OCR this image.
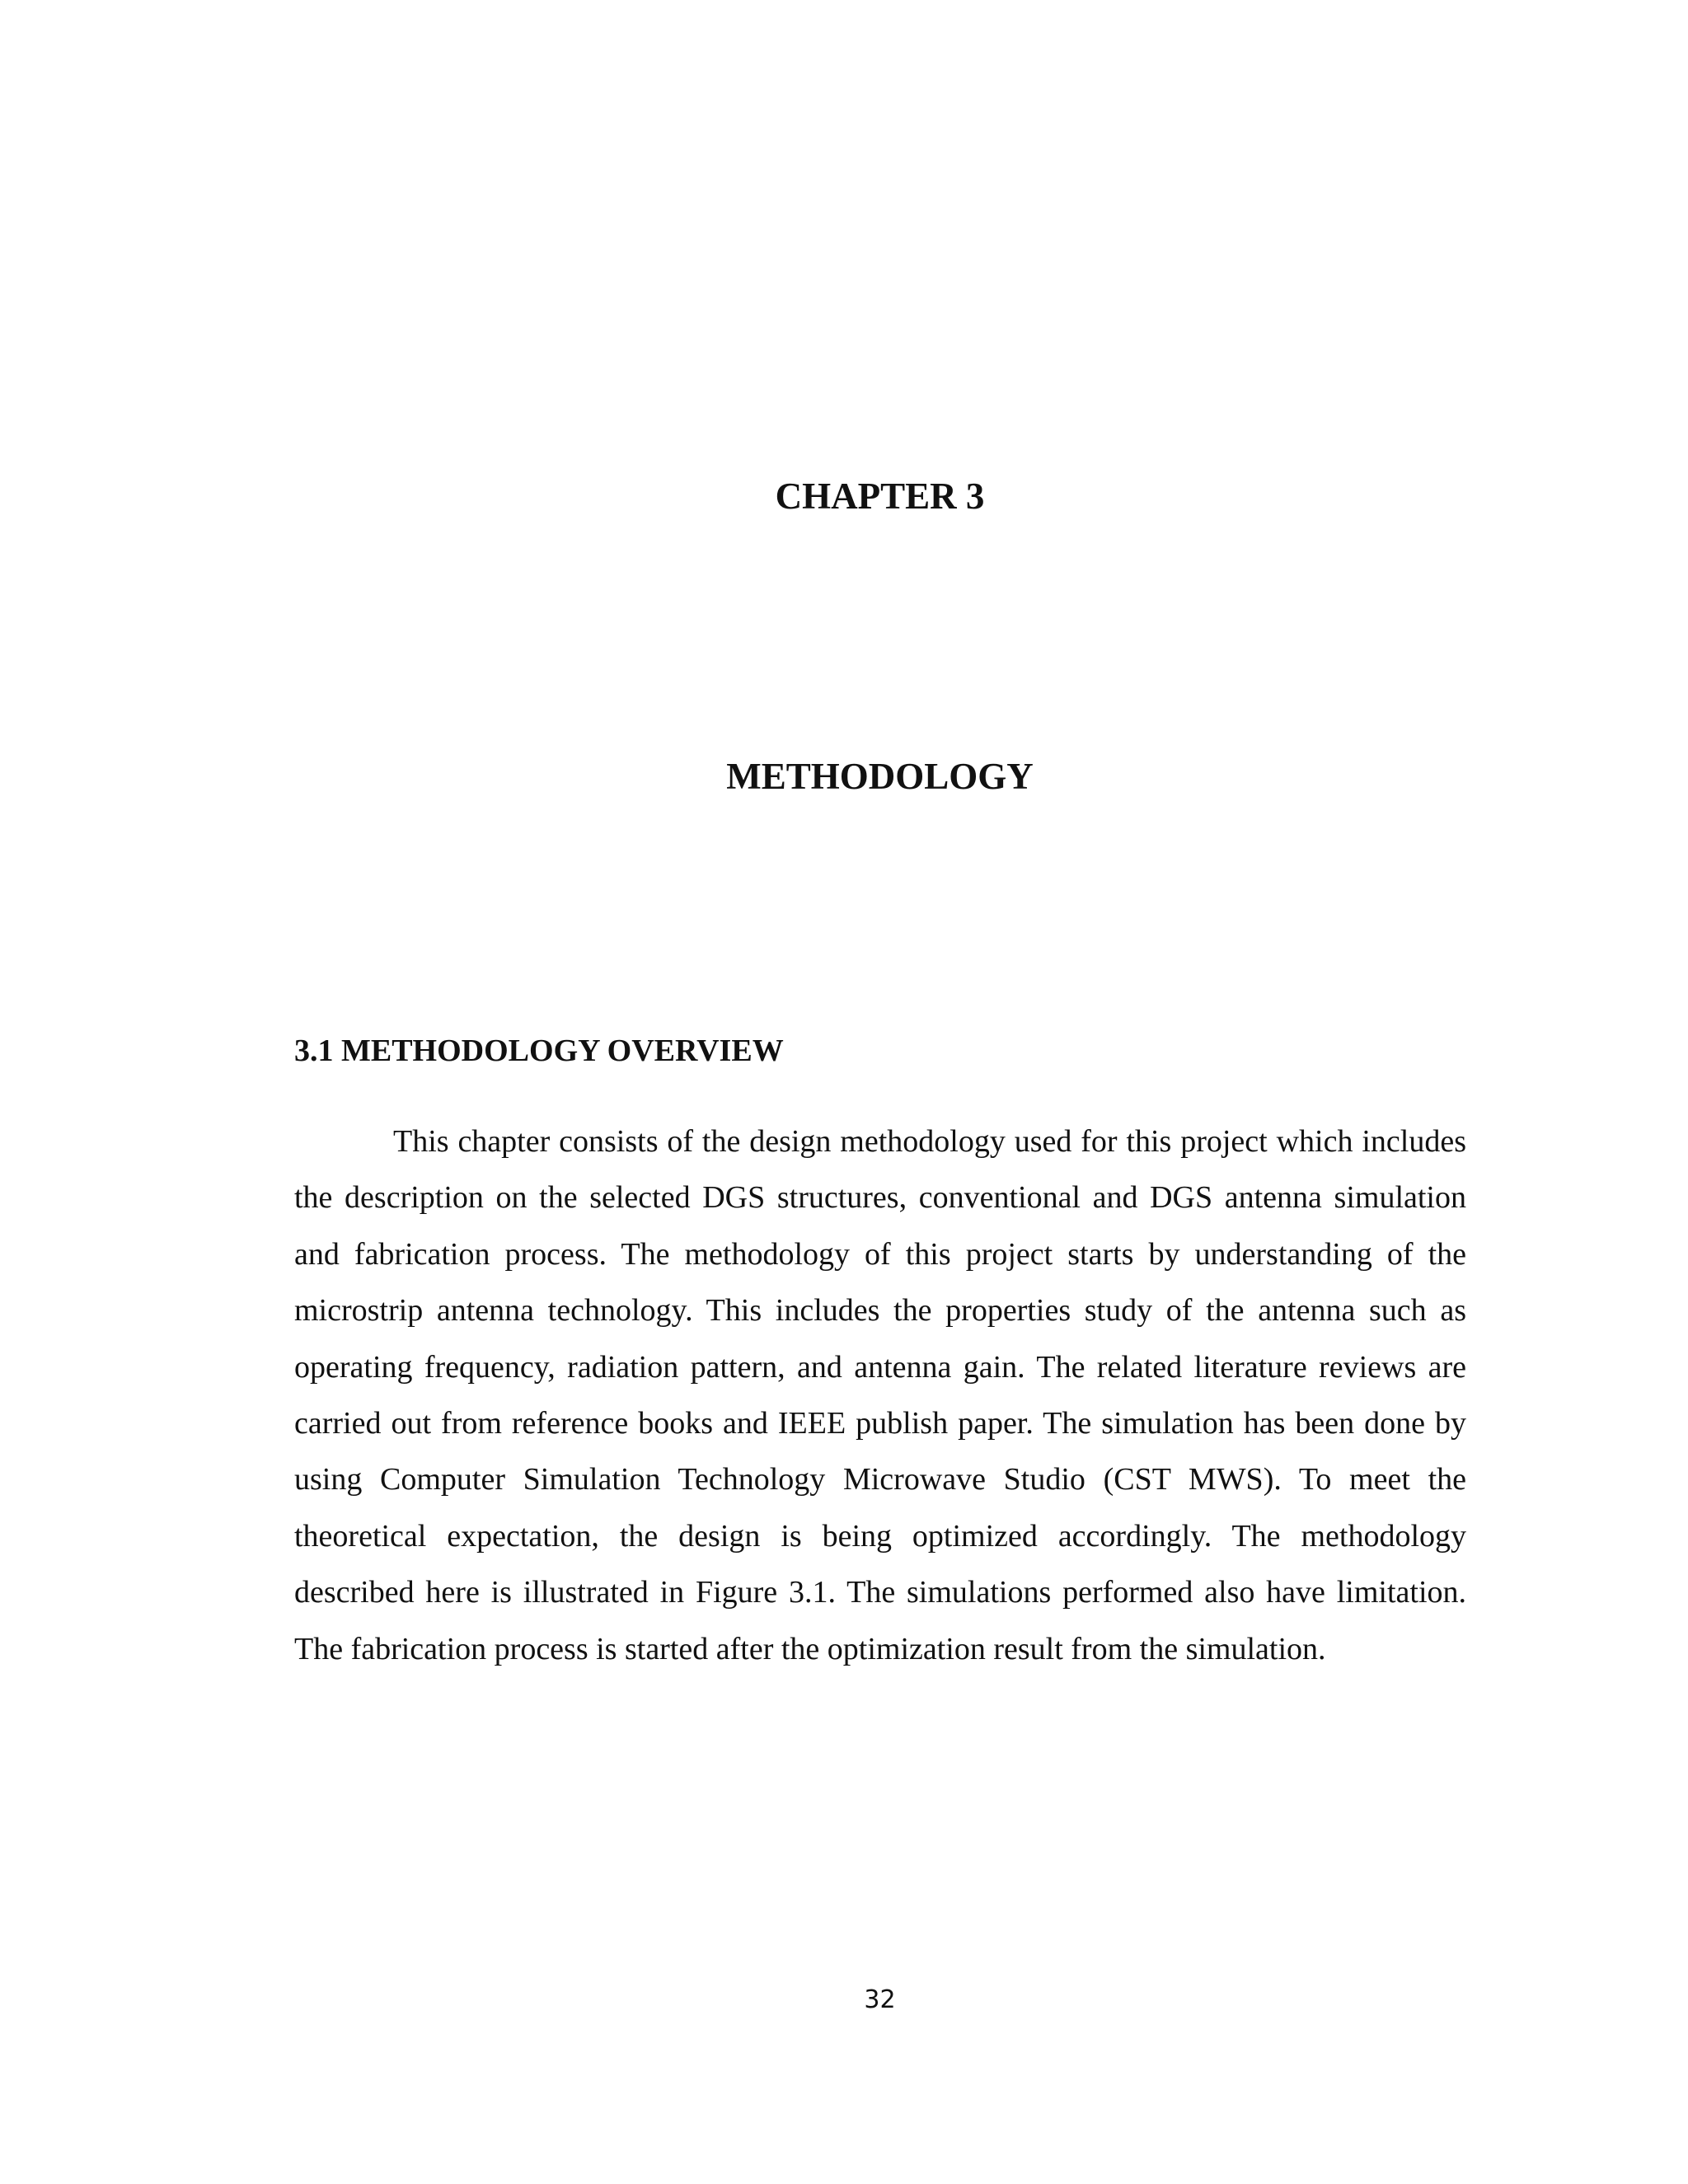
CHAPTER 3
METHODOLOGY
3.1 METHODOLOGY OVERVIEW

This chapter consists of the design methodology used for this project which includes the description on the selected DGS structures, conventional and DGS antenna simulation and fabrication process. The methodology of this project starts by understanding of the microstrip antenna technology. This includes the properties study of the antenna such as operating frequency, radiation pattern, and antenna gain. The related literature reviews are carried out from reference books and IEEE publish paper. The simulation has been done by using Computer Simulation Technology Microwave Studio (CST MWS). To meet the theoretical expectation, the design is being optimized accordingly. The methodology described here is illustrated in Figure 3.1. The simulations performed also have limitation. The fabrication process is started after the optimization result from the simulation.

32
